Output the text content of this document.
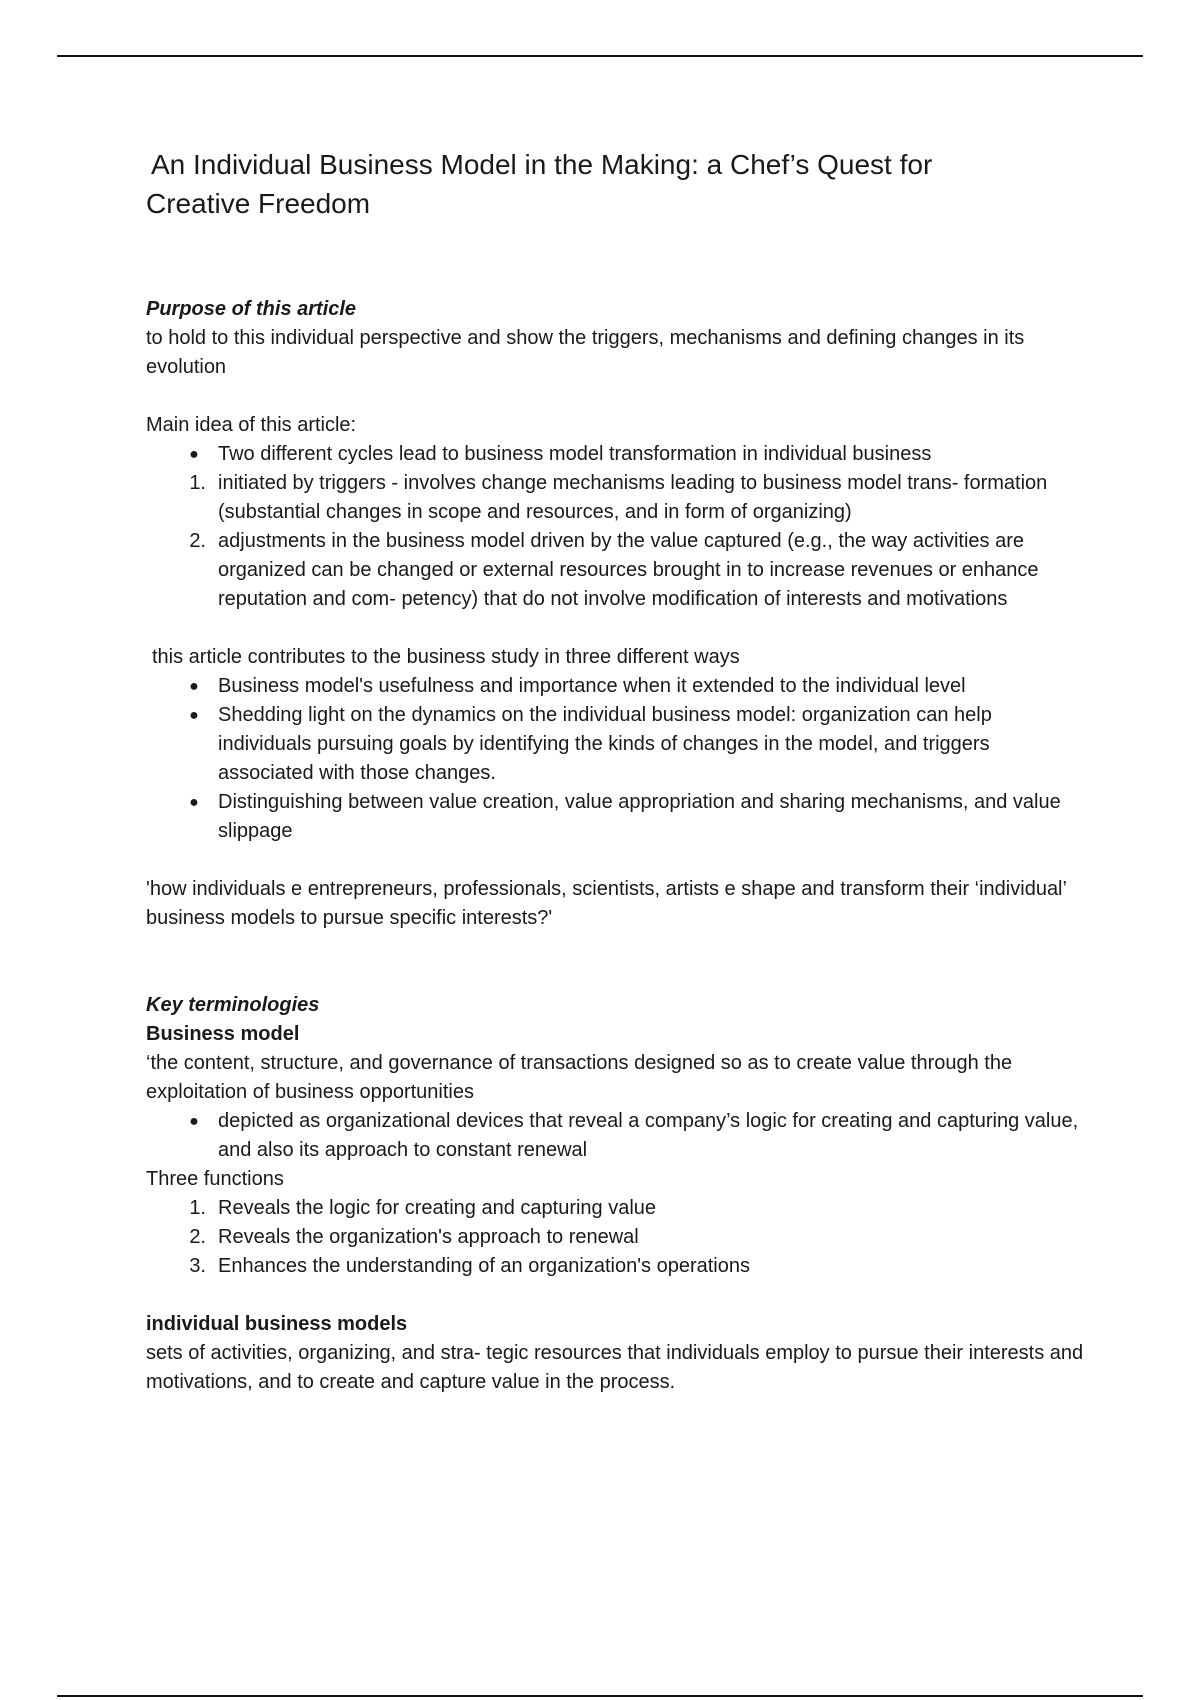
An Individual Business Model in the Making: a Chef’s Quest for
Creative Freedom
Purpose of this article
to hold to this individual perspective and show the triggers, mechanisms and defining changes in its evolution
Main idea of this article:
● Two different cycles lead to business model transformation in individual business
1. initiated by triggers - involves change mechanisms leading to business model trans- formation (substantial changes in scope and resources, and in form of organizing)
2. adjustments in the business model driven by the value captured (e.g., the way activities are organized can be changed or external resources brought in to increase revenues or enhance reputation and com- petency) that do not involve modification of interests and motivations
this article contributes to the business study in three different ways
● Business model's usefulness and importance when it extended to the individual level
● Shedding light on the dynamics on the individual business model: organization can help individuals pursuing goals by identifying the kinds of changes in the model, and triggers associated with those changes.
● Distinguishing between value creation, value appropriation and sharing mechanisms, and value slippage
'how individuals e entrepreneurs, professionals, scientists, artists e shape and transform their ‘individual’ business models to pursue specific interests?'
Key terminologies
Business model
‘the content, structure, and governance of transactions designed so as to create value through the exploitation of business opportunities
● depicted as organizational devices that reveal a company’s logic for creating and capturing value, and also its approach to constant renewal
Three functions
1. Reveals the logic for creating and capturing value
2. Reveals the organization's approach to renewal
3. Enhances the understanding of an organization's operations
individual business models
sets of activities, organizing, and stra- tegic resources that individuals employ to pursue their interests and motivations, and to create and capture value in the process.
